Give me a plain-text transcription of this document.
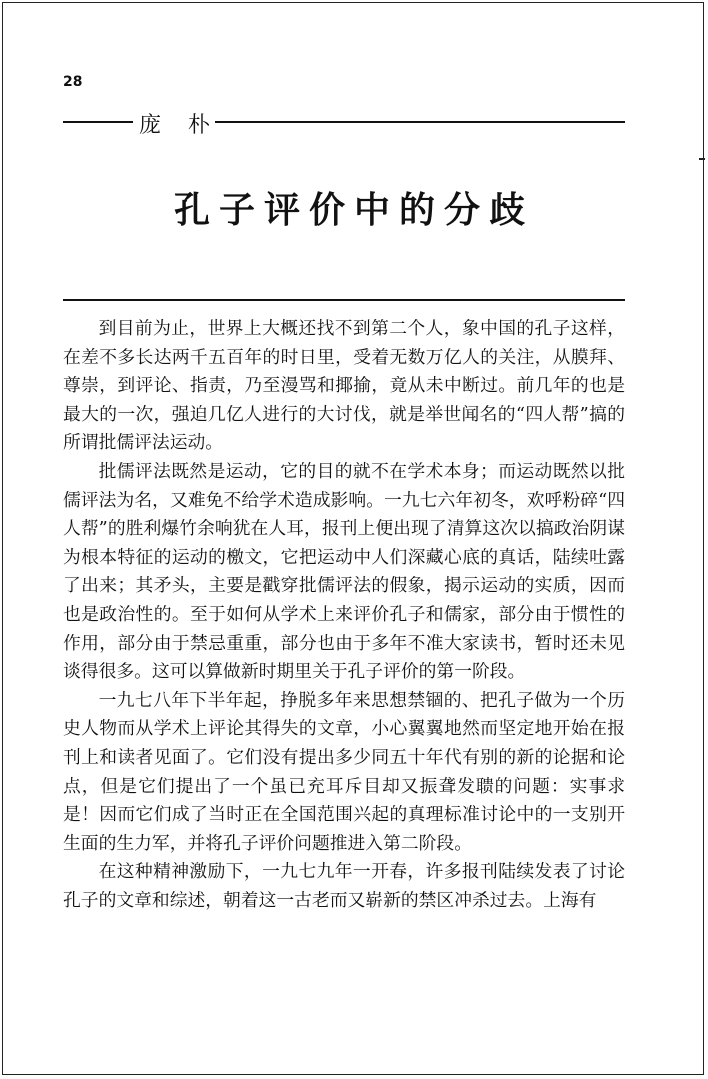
28
庞 朴
孔子评价中的分歧

到目前为止，世界上大概还找不到第二个人，象中国的孔子这样，在差不多长达两千五百年的时日里，受着无数万亿人的关注，从膜拜、尊崇，到评论、指责，乃至漫骂和揶揄，竟从未中断过。前几年的也是最大的一次，强迫几亿人进行的大讨伐，就是举世闻名的“四人帮”搞的所谓批儒评法运动。

批儒评法既然是运动，它的目的就不在学术本身；而运动既然以批儒评法为名，又难免不给学术造成影响。一九七六年初冬，欢呼粉碎“四人帮”的胜利爆竹余响犹在人耳，报刊上便出现了清算这次以搞政治阴谋为根本特征的运动的檄文，它把运动中人们深藏心底的真话，陆续吐露了出来；其矛头，主要是戳穿批儒评法的假象，揭示运动的实质，因而也是政治性的。至于如何从学术上来评价孔子和儒家，部分由于惯性的作用，部分由于禁忌重重，部分也由于多年不准大家读书，暂时还未见谈得很多。这可以算做新时期里关于孔子评价的第一阶段。

一九七八年下半年起，挣脱多年来思想禁锢的、把孔子做为一个历史人物而从学术上评论其得失的文章，小心翼翼地然而坚定地开始在报刊上和读者见面了。它们没有提出多少同五十年代有别的新的论据和论点，但是它们提出了一个虽已充耳斥目却又振聋发聩的问题：实事求是！因而它们成了当时正在全国范围兴起的真理标准讨论中的一支别开生面的生力军，并将孔子评价问题推进入第二阶段。

在这种精神激励下，一九七九年一开春，许多报刊陆续发表了讨论孔子的文章和综述，朝着这一古老而又崭新的禁区冲杀过去。上海有
